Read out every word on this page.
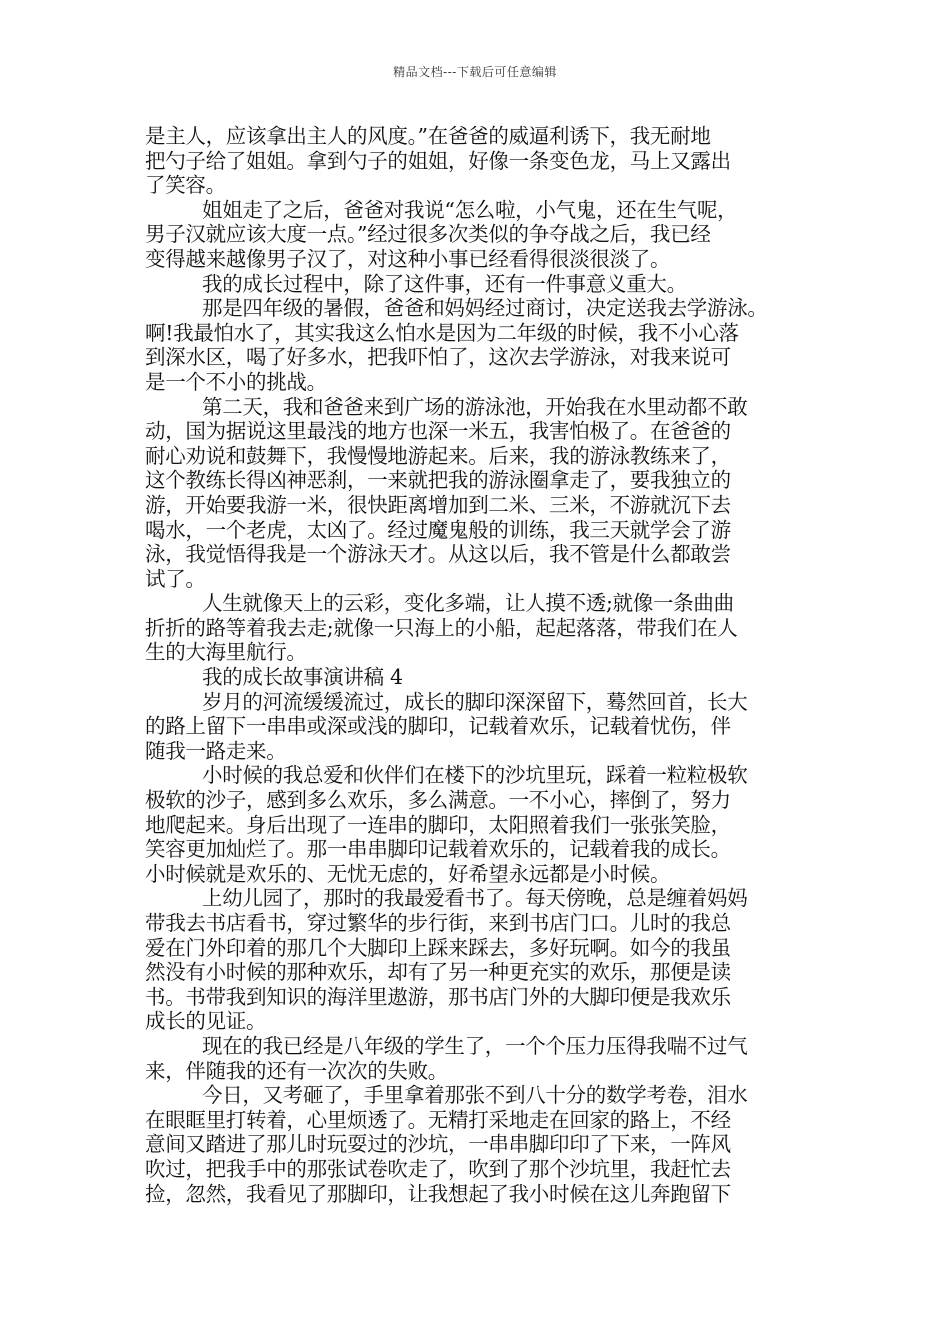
精品文档---下载后可任意编辑
是主人，应该拿出主人的风度。”在爸爸的威逼利诱下，我无耐地
把勺子给了姐姐。拿到勺子的姐姐，好像一条变色龙，马上又露出
了笑容。
姐姐走了之后，爸爸对我说“怎么啦，小气鬼，还在生气呢，
男子汉就应该大度一点。”经过很多次类似的争夺战之后，我已经
变得越来越像男子汉了，对这种小事已经看得很淡很淡了。
我的成长过程中，除了这件事，还有一件事意义重大。
那是四年级的暑假，爸爸和妈妈经过商讨，决定送我去学游泳。
啊!我最怕水了，其实我这么怕水是因为二年级的时候，我不小心落
到深水区，喝了好多水，把我吓怕了，这次去学游泳，对我来说可
是一个不小的挑战。
第二天，我和爸爸来到广场的游泳池，开始我在水里动都不敢
动，国为据说这里最浅的地方也深一米五，我害怕极了。在爸爸的
耐心劝说和鼓舞下，我慢慢地游起来。后来，我的游泳教练来了，
这个教练长得凶神恶刹，一来就把我的游泳圈拿走了，要我独立的
游，开始要我游一米，很快距离增加到二米、三米，不游就沉下去
喝水，一个老虎，太凶了。经过魔鬼般的训练，我三天就学会了游
泳，我觉悟得我是一个游泳天才。从这以后，我不管是什么都敢尝
试了。
人生就像天上的云彩，变化多端，让人摸不透;就像一条曲曲
折折的路等着我去走;就像一只海上的小船，起起落落，带我们在人
生的大海里航行。
我的成长故事演讲稿 4
岁月的河流缓缓流过，成长的脚印深深留下，蓦然回首，长大
的路上留下一串串或深或浅的脚印，记载着欢乐，记载着忧伤，伴
随我一路走来。
小时候的我总爱和伙伴们在楼下的沙坑里玩，踩着一粒粒极软
极软的沙子，感到多么欢乐，多么满意。一不小心，摔倒了，努力
地爬起来。身后出现了一连串的脚印，太阳照着我们一张张笑脸，
笑容更加灿烂了。那一串串脚印记载着欢乐的，记载着我的成长。
小时候就是欢乐的、无忧无虑的，好希望永远都是小时候。
上幼儿园了，那时的我最爱看书了。每天傍晚，总是缠着妈妈
带我去书店看书，穿过繁华的步行街，来到书店门口。儿时的我总
爱在门外印着的那几个大脚印上踩来踩去，多好玩啊。如今的我虽
然没有小时候的那种欢乐，却有了另一种更充实的欢乐，那便是读
书。书带我到知识的海洋里遨游，那书店门外的大脚印便是我欢乐
成长的见证。
现在的我已经是八年级的学生了，一个个压力压得我喘不过气
来，伴随我的还有一次次的失败。
今日，又考砸了，手里拿着那张不到八十分的数学考卷，泪水
在眼眶里打转着，心里烦透了。无精打采地走在回家的路上，不经
意间又踏进了那儿时玩耍过的沙坑，一串串脚印印了下来，一阵风
吹过，把我手中的那张试卷吹走了，吹到了那个沙坑里，我赶忙去
捡，忽然，我看见了那脚印，让我想起了我小时候在这儿奔跑留下
